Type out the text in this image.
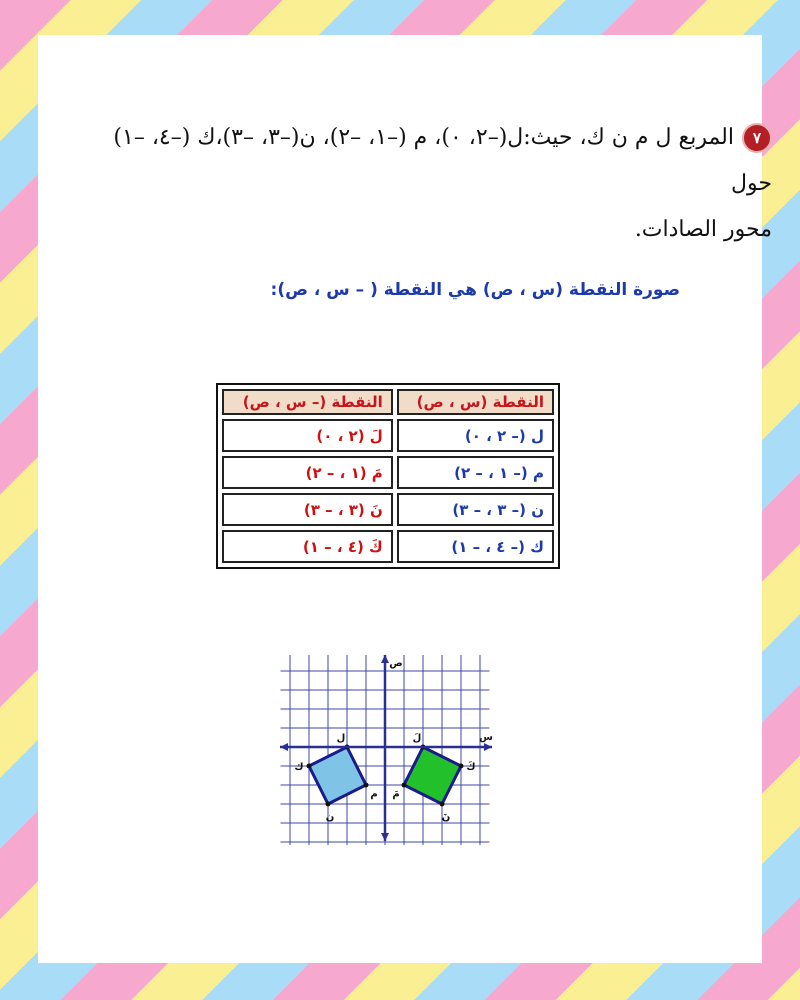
٧المربع ل م ن ك، حيث:ل(–٢، ٠)، م (–١، –٢)، ن(–٣، –٣)،ك (–٤، –١) حول
محور الصادات.
صورة النقطة (س ، ص) هي النقطة ( – س ، ص):
النقطة (س ، ص)	النقطة (– س ، ص)
ل (– ٢ ، ٠)	لَ (٢ ، ٠)
م (– ١ ، – ٢)	مَ (١ ، – ٢)
ن (– ٣ ، – ٣)	نَ (٣ ، – ٣)
ك (– ٤ ، – ١)	كَ (٤ ، – ١)
س
ص
ل
م
ن
ك
لَ
مَ
نَ
كَ
